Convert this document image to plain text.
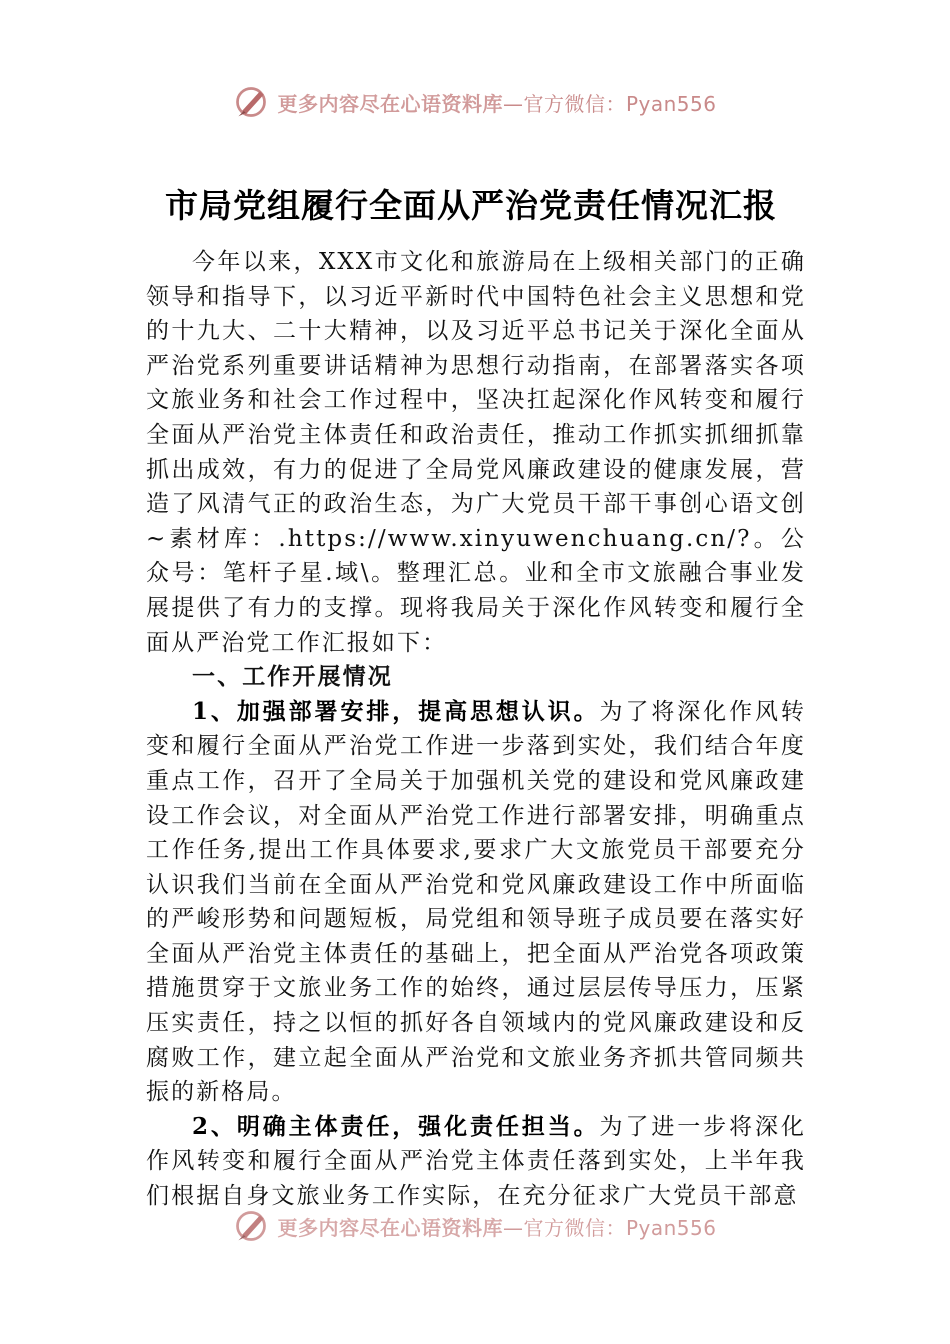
更多内容尽在心语资料库 —官方微信：Pyan556
市局党组履行全面从严治党责任情况汇报

今年以来，XXX市文化和旅游局在上级相关部门的正确领导和指导下，以习近平新时代中国特色社会主义思想和党的十九大、二十大精神，以及习近平总书记关于深化全面从严治党系列重要讲话精神为思想行动指南，在部署落实各项文旅业务和社会工作过程中，坚决扛起深化作风转变和履行全面从严治党主体责任和政治责任，推动工作抓实抓细抓靠抓出成效，有力的促进了全局党风廉政建设的健康发展，营造了风清气正的政治生态，为广大党员干部干事创心语文创~素材库：.https://www.xinyuwenchuang.cn/?。公众号：笔杆子星.域\。整理汇总。业和全市文旅融合事业发展提供了有力的支撑。现将我局关于深化作风转变和履行全面从严治党工作汇报如下：

一、工作开展情况

1、加强部署安排，提高思想认识。为了将深化作风转变和履行全面从严治党工作进一步落到实处，我们结合年度重点工作，召开了全局关于加强机关党的建设和党风廉政建设工作会议，对全面从严治党工作进行部署安排，明确重点工作任务,提出工作具体要求,要求广大文旅党员干部要充分认识我们当前在全面从严治党和党风廉政建设工作中所面临的严峻形势和问题短板，局党组和领导班子成员要在落实好全面从严治党主体责任的基础上，把全面从严治党各项政策措施贯穿于文旅业务工作的始终，通过层层传导压力，压紧压实责任，持之以恒的抓好各自领域内的党风廉政建设和反腐败工作，建立起全面从严治党和文旅业务齐抓共管同频共振的新格局。

2、明确主体责任，强化责任担当。为了进一步将深化作风转变和履行全面从严治党主体责任落到实处，上半年我们根据自身文旅业务工作实际，在充分征求广大党员干部意

更多内容尽在心语资料库 —官方微信：Pyan556
